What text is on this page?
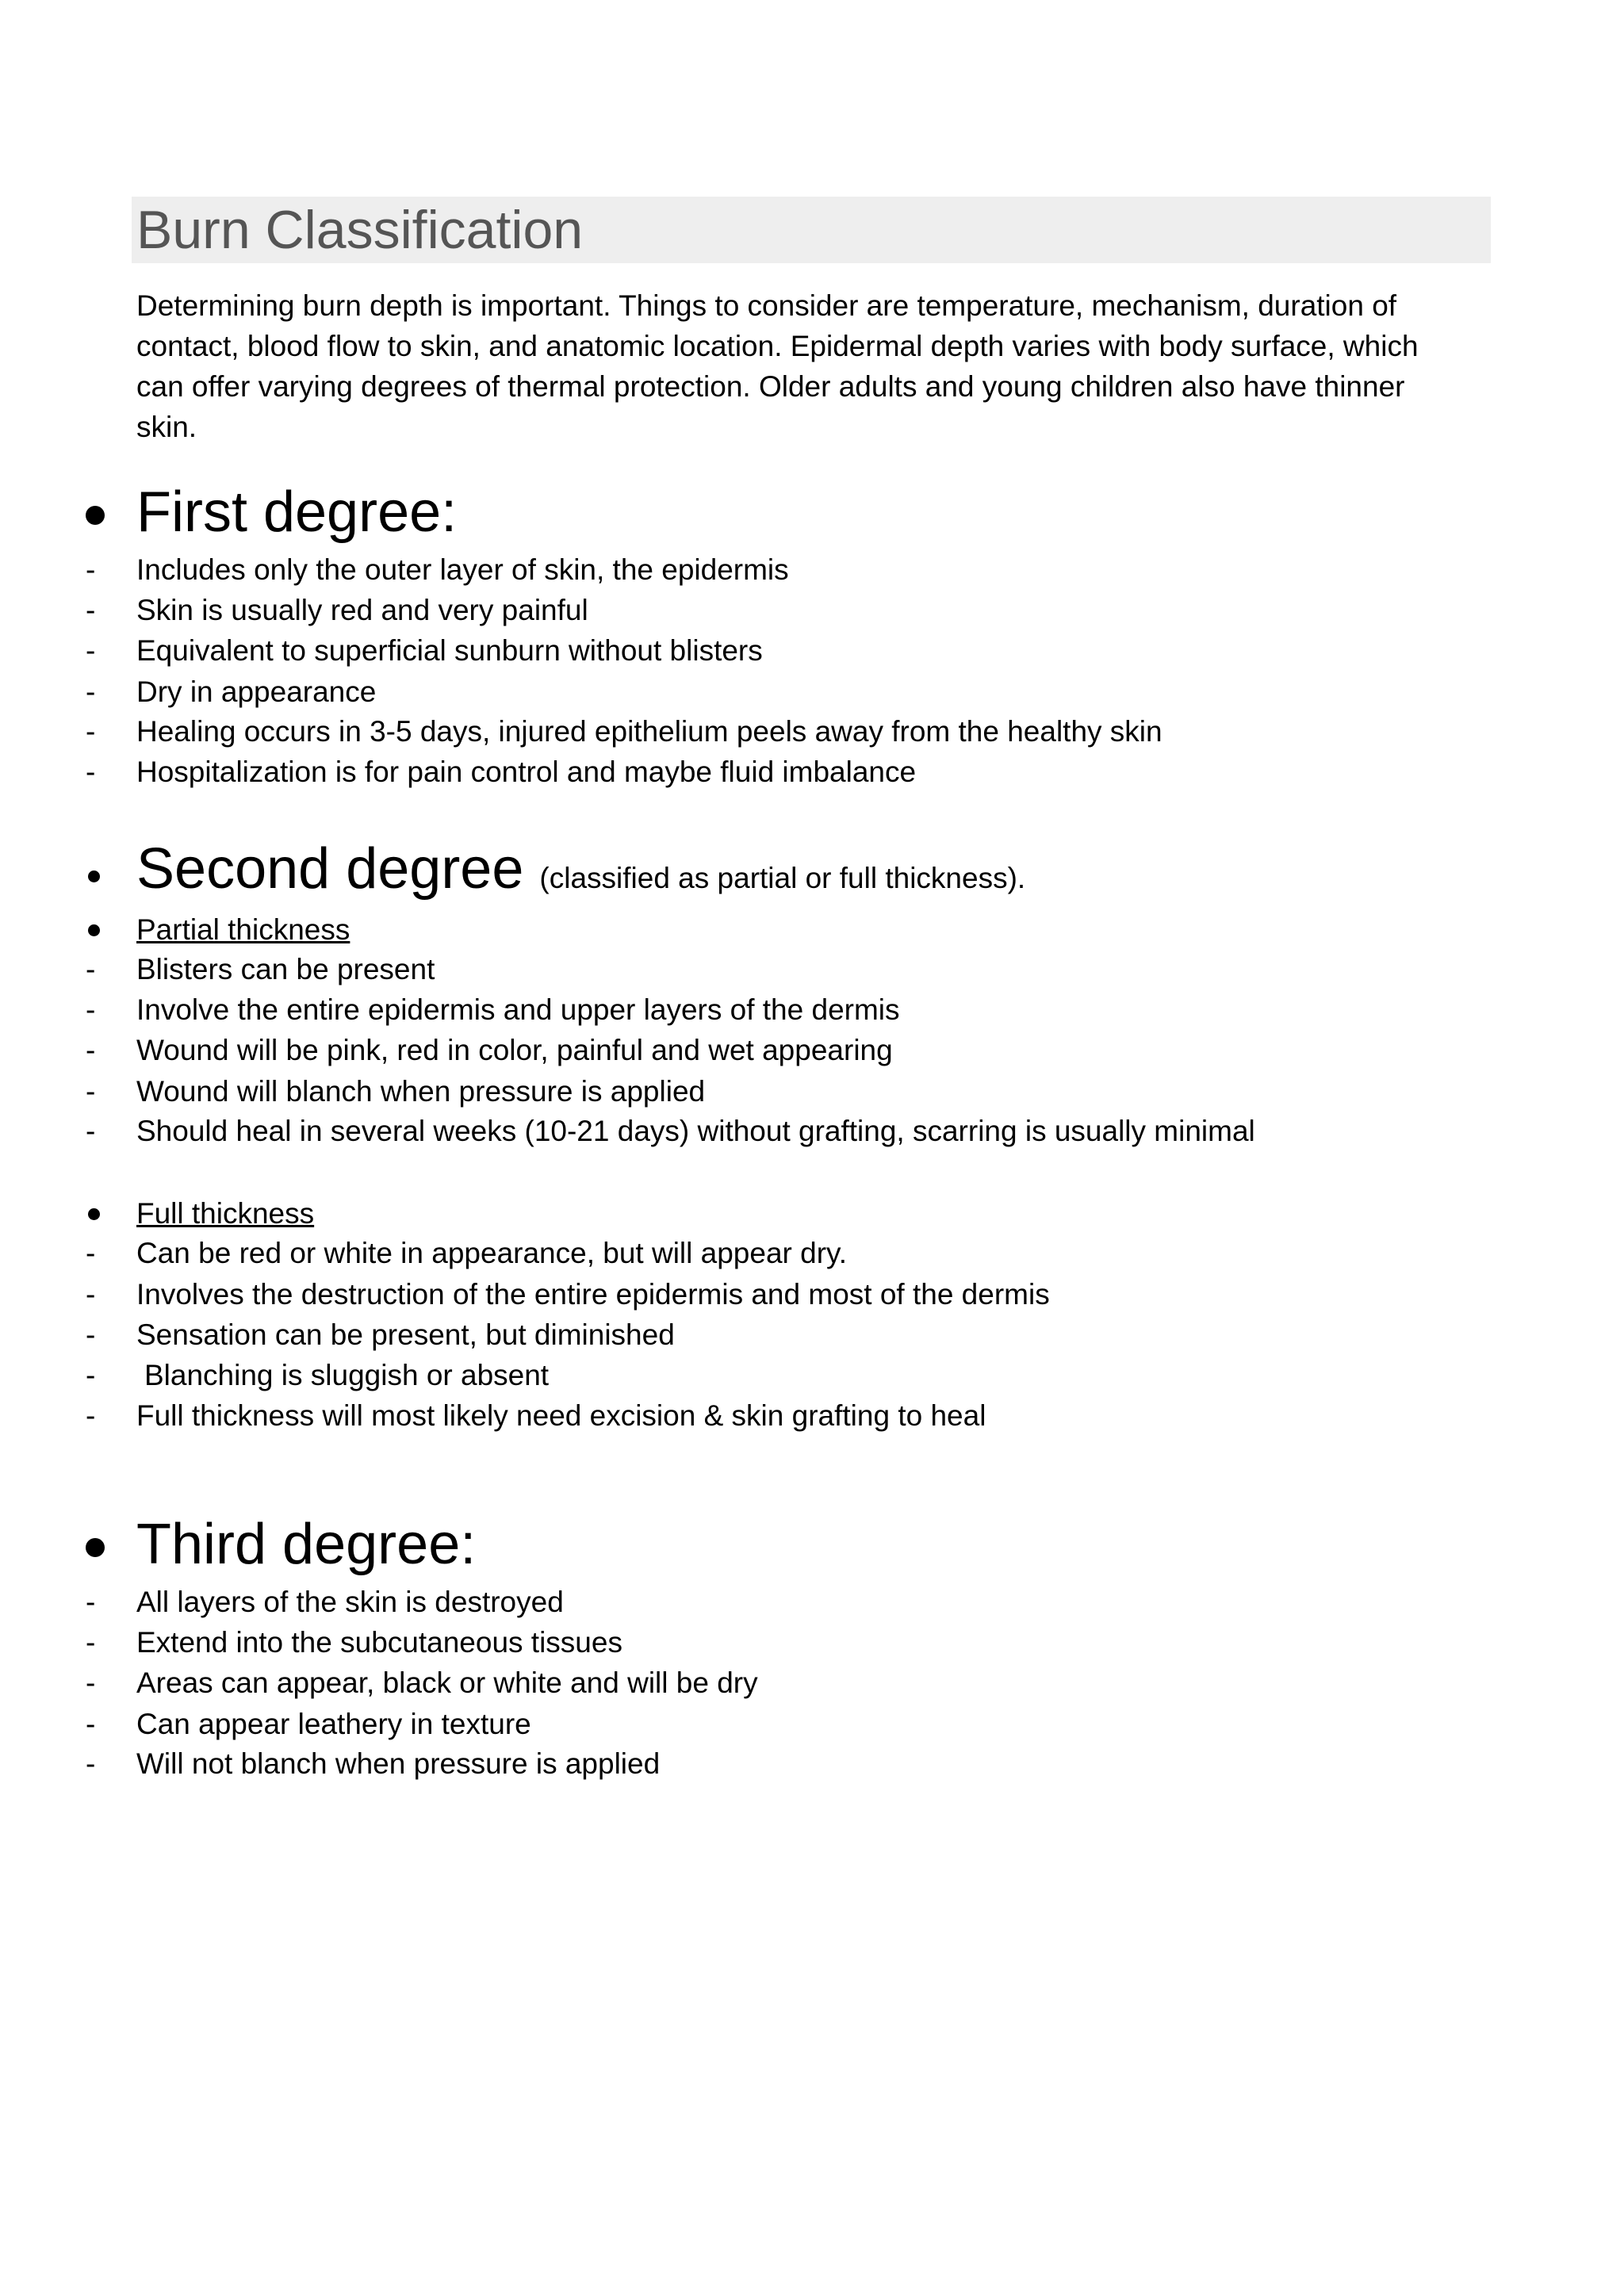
Burn Classification
Determining burn depth is important. Things to consider are temperature, mechanism, duration of
contact, blood flow to skin, and anatomic location. Epidermal depth varies with body surface, which
can offer varying degrees of thermal protection. Older adults and young children also have thinner
skin.
First degree:
- Includes only the outer layer of skin, the epidermis
- Skin is usually red and very painful
- Equivalent to superficial sunburn without blisters
- Dry in appearance
- Healing occurs in 3-5 days, injured epithelium peels away from the healthy skin
- Hospitalization is for pain control and maybe fluid imbalance
Second degree (classified as partial or full thickness).
Partial thickness
- Blisters can be present
- Involve the entire epidermis and upper layers of the dermis
- Wound will be pink, red in color, painful and wet appearing
- Wound will blanch when pressure is applied
- Should heal in several weeks (10-21 days) without grafting, scarring is usually minimal
Full thickness
- Can be red or white in appearance, but will appear dry.
- Involves the destruction of the entire epidermis and most of the dermis
- Sensation can be present, but diminished
- Blanching is sluggish or absent
- Full thickness will most likely need excision & skin grafting to heal
Third degree:
- All layers of the skin is destroyed
- Extend into the subcutaneous tissues
- Areas can appear, black or white and will be dry
- Can appear leathery in texture
- Will not blanch when pressure is applied
